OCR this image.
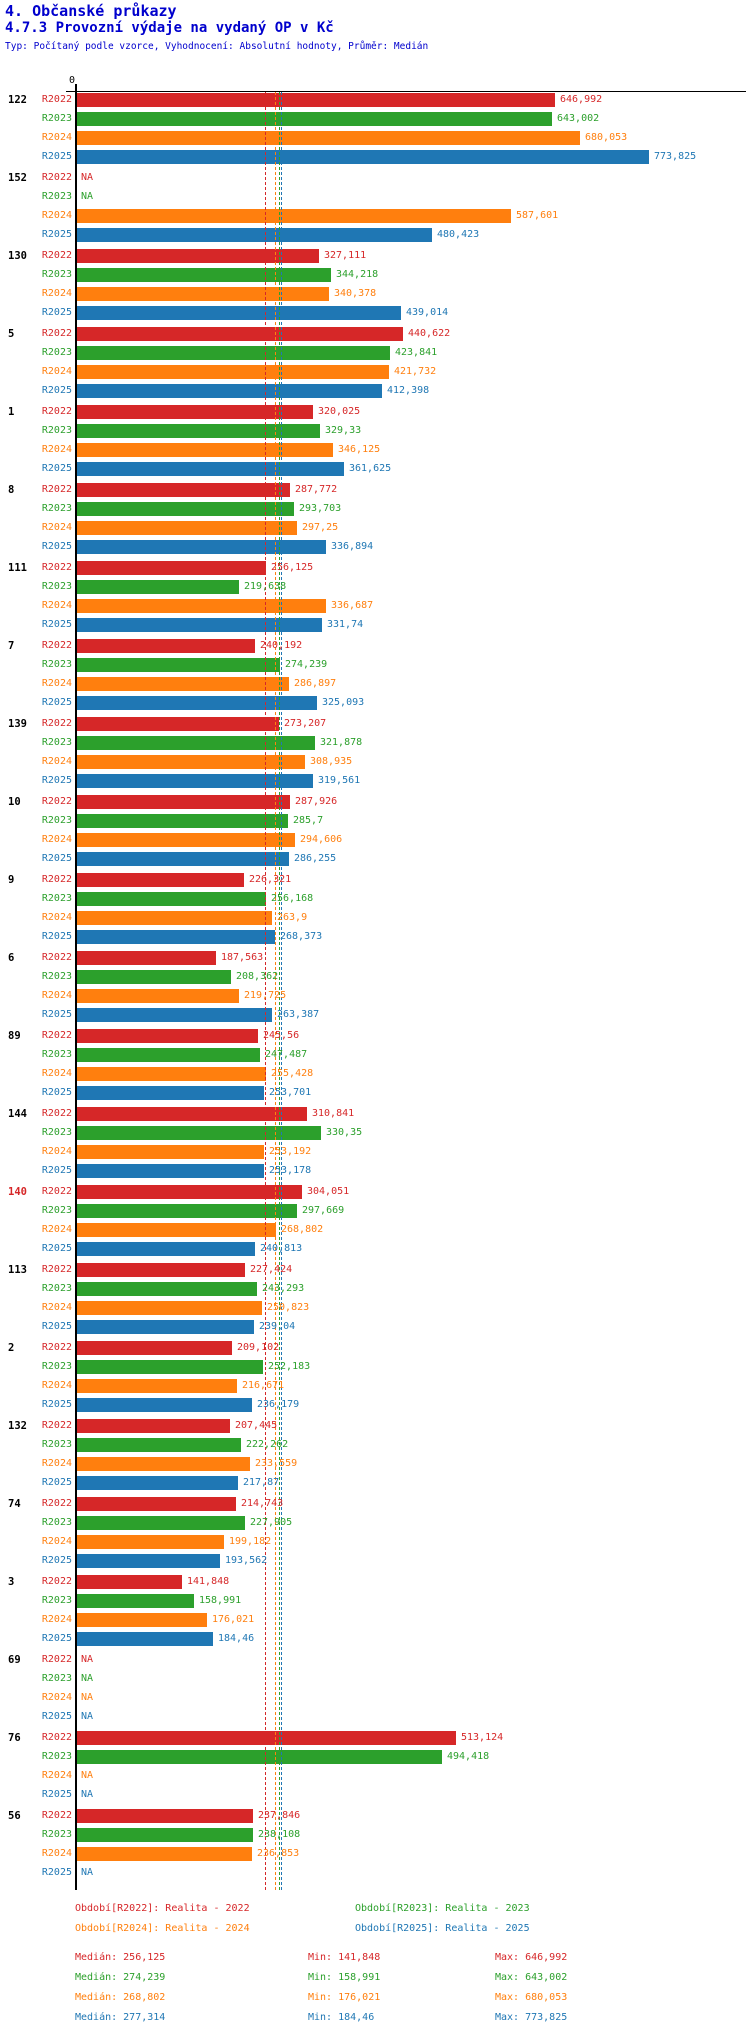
4. Občanské průkazy
4.7.3 Provozní výdaje na vydaný OP v Kč
Typ: Počítaný podle vzorce, Vyhodnocení: Absolutní hodnoty, Průměr: Medián
0
122	R2022	646,992
R2023	643,002
R2024	680,053
R2025	773,825
152	R2022 NA
R2023 NA
R2024	587,601
R2025	480,423
130	R2022	327,111
R2023	344,218
R2024	340,378
R2025	439,014
5	R2022	440,622
R2023	423,841
R2024	421,732
R2025	412,398
1	R2022	320,025
R2023	329,33
R2024	346,125
R2025	361,625
8	R2022	287,772
R2023	293,703
R2024	297,25
R2025	336,894
111	R2022	256,125
R2023	219,638
R2024	336,687
R2025	331,74
7	R2022	240,192
R2023	274,239
R2024	286,897
R2025	325,093
139	R2022	273,207
R2023	321,878
R2024	308,935
R2025	319,561
10	R2022	287,926
R2023	285,7
R2024	294,606
R2025	286,255
9	R2022	226,321
R2023	256,168
R2024	263,9
R2025	268,373
6	R2022	187,563
R2023	208,362
R2024	219,725
R2025	263,387
89	R2022	245,56
R2023	247,487
R2024	255,428
R2025	253,701
144	R2022	310,841
R2023	330,35
R2024	253,192
R2025	253,178
140	R2022	304,051
R2023	297,669
R2024	268,802
R2025	240,813
113	R2022	227,424
R2023	243,293
R2024	250,823
R2025	239,04
2	R2022	209,102
R2023	252,183
R2024	216,671
R2025	236,179
132	R2022	207,445
R2023	222,262
R2024	233,559
R2025	217,87
74	R2022	214,743
R2023	227,905
R2024	199,182
R2025	193,562
3	R2022	141,848
R2023	158,991
R2024	176,021
R2025	184,46
69	R2022 NA
R2023 NA
R2024 NA
R2025 NA
76	R2022	513,124
R2023	494,418
R2024 NA
R2025 NA
56	R2022	237,846
R2023	238,108
R2024	236,853
R2025 NA
Období[R2022]: Realita - 2022	Období[R2023]: Realita - 2023
Období[R2024]: Realita - 2024	Období[R2025]: Realita - 2025
Medián: 256,125	Min: 141,848	Max: 646,992
Medián: 274,239	Min: 158,991	Max: 643,002
Medián: 268,802	Min: 176,021	Max: 680,053
Medián: 277,314	Min: 184,46	Max: 773,825
